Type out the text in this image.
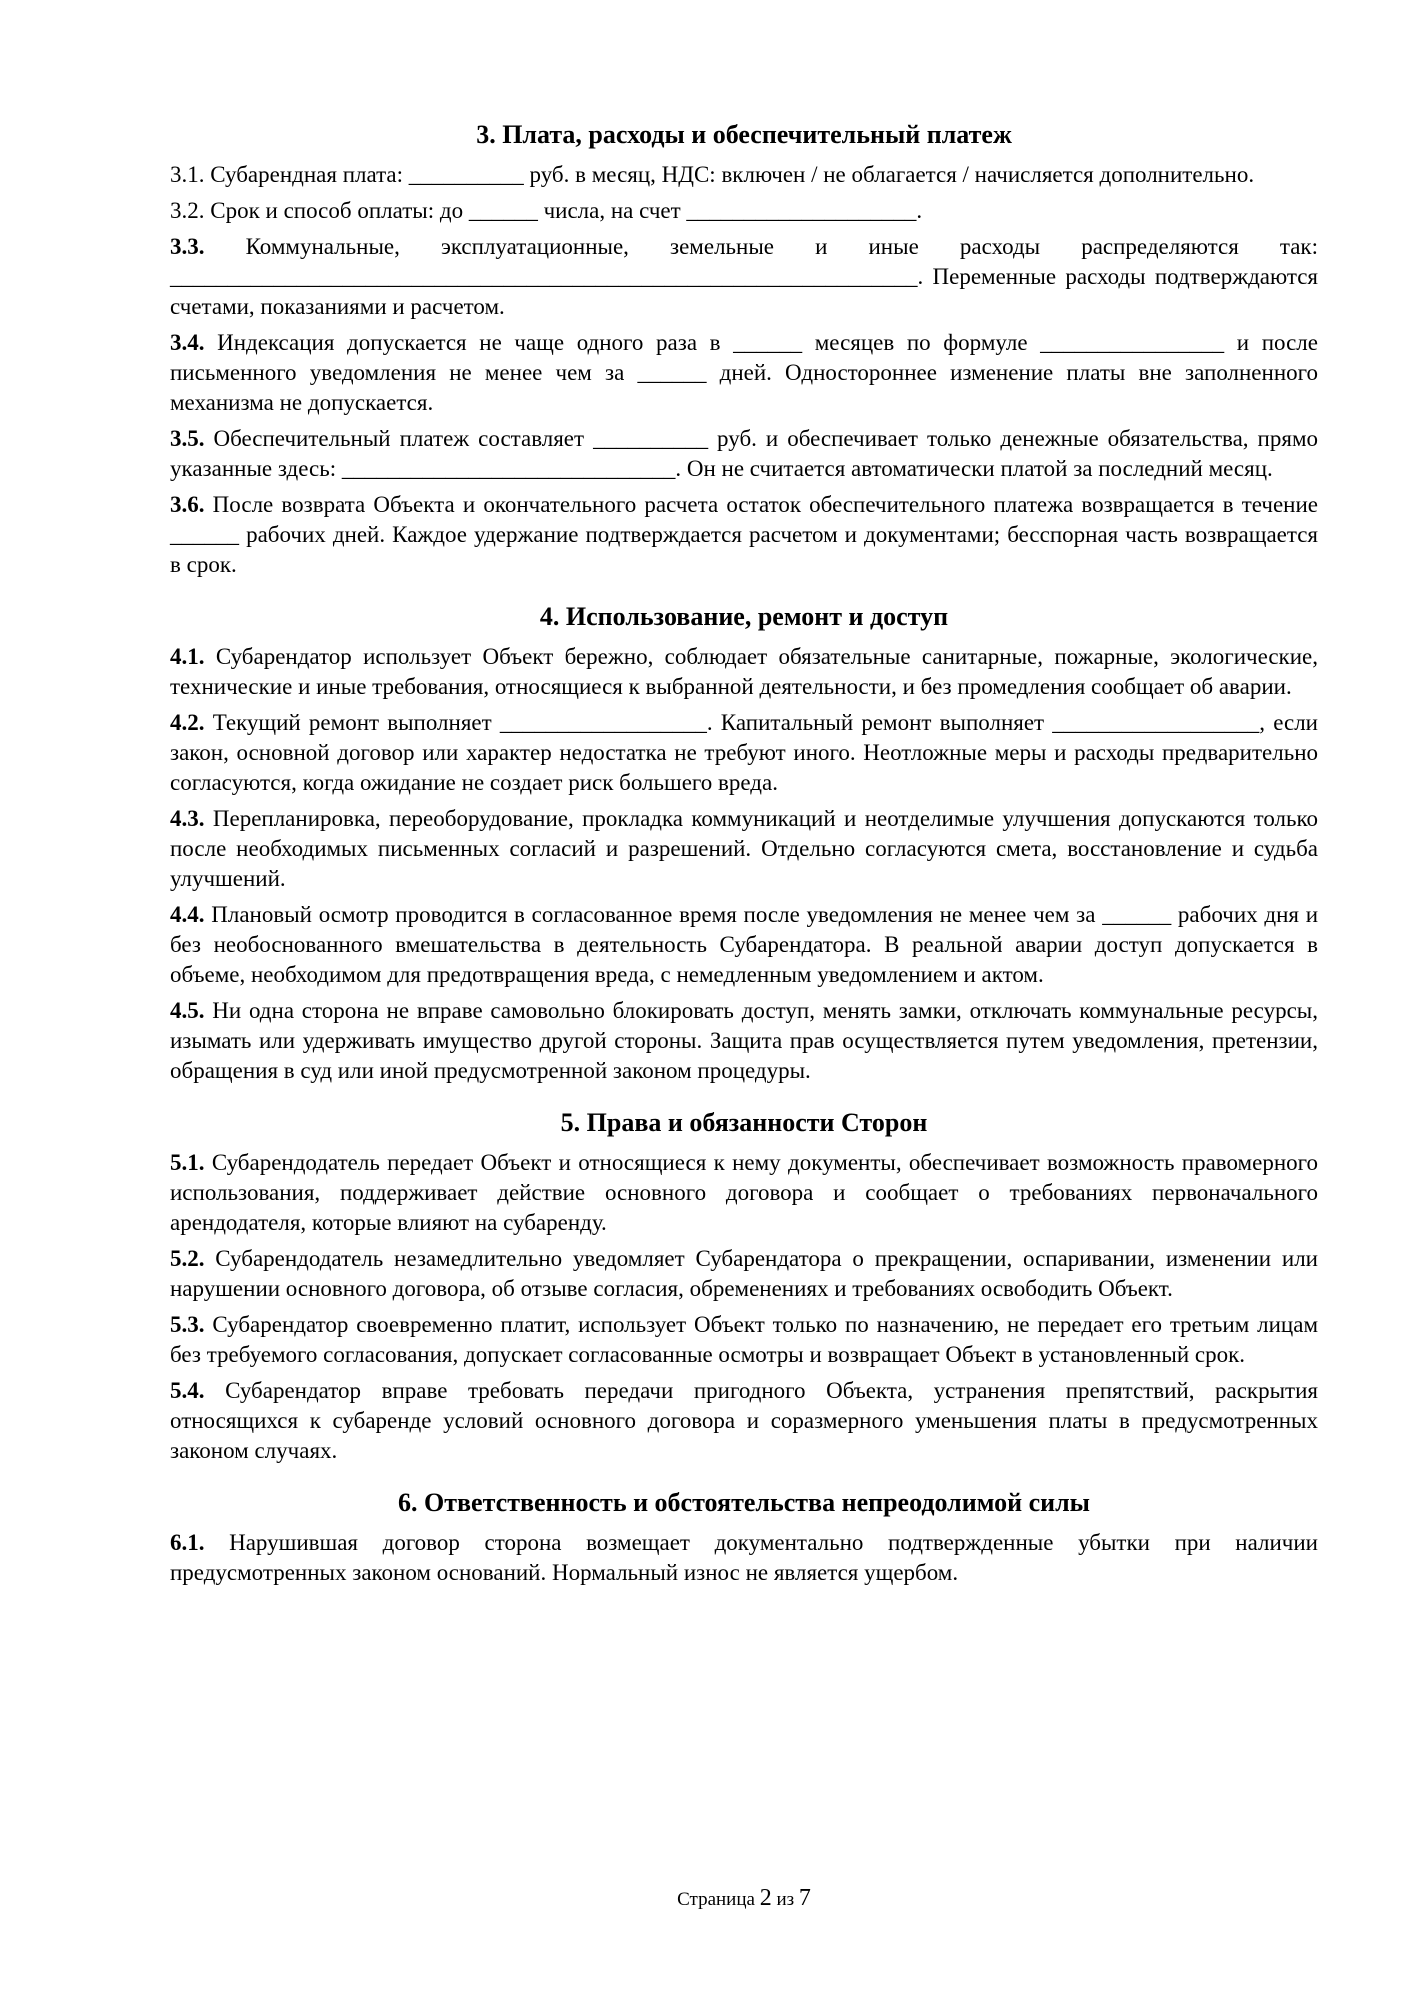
3. Плата, расходы и обеспечительный платеж

3.1. Субарендная плата: __________ руб. в месяц, НДС: включен / не облагается / начисляется дополнительно.

3.2. Срок и способ оплаты: до ______ числа, на счет ____________________.

3.3. Коммунальные, эксплуатационные, земельные и иные расходы распределяются так: _________________________________________________________________. Переменные расходы подтверждаются счетами, показаниями и расчетом.

3.4. Индексация допускается не чаще одного раза в ______ месяцев по формуле ________________ и после письменного уведомления не менее чем за ______ дней. Одностороннее изменение платы вне заполненного механизма не допускается.

3.5. Обеспечительный платеж составляет __________ руб. и обеспечивает только денежные обязательства, прямо указанные здесь: _____________________________. Он не считается автоматически платой за последний месяц.

3.6. После возврата Объекта и окончательного расчета остаток обеспечительного платежа возвращается в течение ______ рабочих дней. Каждое удержание подтверждается расчетом и документами; бесспорная часть возвращается в срок.

4. Использование, ремонт и доступ

4.1. Субарендатор использует Объект бережно, соблюдает обязательные санитарные, пожарные, экологические, технические и иные требования, относящиеся к выбранной деятельности, и без промедления сообщает об аварии.

4.2. Текущий ремонт выполняет __________________. Капитальный ремонт выполняет __________________, если закон, основной договор или характер недостатка не требуют иного. Неотложные меры и расходы предварительно согласуются, когда ожидание не создает риск большего вреда.

4.3. Перепланировка, переоборудование, прокладка коммуникаций и неотделимые улучшения допускаются только после необходимых письменных согласий и разрешений. Отдельно согласуются смета, восстановление и судьба улучшений.

4.4. Плановый осмотр проводится в согласованное время после уведомления не менее чем за ______ рабочих дня и без необоснованного вмешательства в деятельность Субарендатора. В реальной аварии доступ допускается в объеме, необходимом для предотвращения вреда, с немедленным уведомлением и актом.

4.5. Ни одна сторона не вправе самовольно блокировать доступ, менять замки, отключать коммунальные ресурсы, изымать или удерживать имущество другой стороны. Защита прав осуществляется путем уведомления, претензии, обращения в суд или иной предусмотренной законом процедуры.

5. Права и обязанности Сторон

5.1. Субарендодатель передает Объект и относящиеся к нему документы, обеспечивает возможность правомерного использования, поддерживает действие основного договора и сообщает о требованиях первоначального арендодателя, которые влияют на субаренду.

5.2. Субарендодатель незамедлительно уведомляет Субарендатора о прекращении, оспаривании, изменении или нарушении основного договора, об отзыве согласия, обременениях и требованиях освободить Объект.

5.3. Субарендатор своевременно платит, использует Объект только по назначению, не передает его третьим лицам без требуемого согласования, допускает согласованные осмотры и возвращает Объект в установленный срок.

5.4. Субарендатор вправе требовать передачи пригодного Объекта, устранения препятствий, раскрытия относящихся к субаренде условий основного договора и соразмерного уменьшения платы в предусмотренных законом случаях.

6. Ответственность и обстоятельства непреодолимой силы

6.1. Нарушившая договор сторона возмещает документально подтвержденные убытки при наличии предусмотренных законом оснований. Нормальный износ не является ущербом.

Страница 2 из 7
